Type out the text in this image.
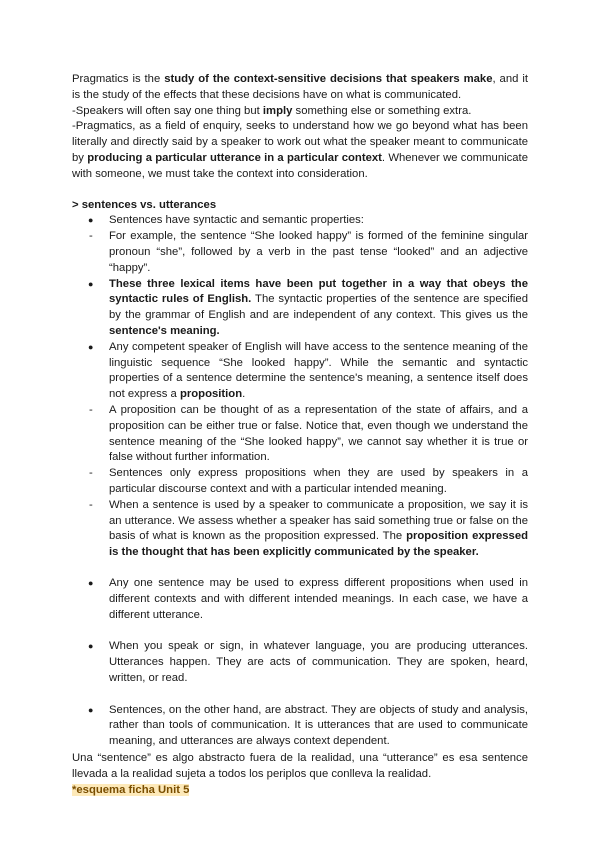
Pragmatics is the study of the context-sensitive decisions that speakers make, and it is the study of the effects that these decisions have on what is communicated.

-Speakers will often say one thing but imply something else or something extra.

-Pragmatics, as a field of enquiry, seeks to understand how we go beyond what has been literally and directly said by a speaker to work out what the speaker meant to communicate by producing a particular utterance in a particular context. Whenever we communicate with someone, we must take the context into consideration.

> sentences vs. utterances

●	Sentences have syntactic and semantic properties:
-	For example, the sentence “She looked happy” is formed of the feminine singular pronoun “she”, followed by a verb in the past tense “looked” and an adjective “happy”.
●	These three lexical items have been put together in a way that obeys the syntactic rules of English. The syntactic properties of the sentence are specified by the grammar of English and are independent of any context. This gives us the sentence's meaning.
●	Any competent speaker of English will have access to the sentence meaning of the linguistic sequence “She looked happy”. While the semantic and syntactic properties of a sentence determine the sentence's meaning, a sentence itself does not express a proposition.
-	A proposition can be thought of as a representation of the state of affairs, and a proposition can be either true or false. Notice that, even though we understand the sentence meaning of the “She looked happy”, we cannot say whether it is true or false without further information.
-	Sentences only express propositions when they are used by speakers in a particular discourse context and with a particular intended meaning.
-	When a sentence is used by a speaker to communicate a proposition, we say it is an utterance. We assess whether a speaker has said something true or false on the basis of what is known as the proposition expressed. The proposition expressed is the thought that has been explicitly communicated by the speaker.
●	Any one sentence may be used to express different propositions when used in different contexts and with different intended meanings. In each case, we have a different utterance.
●	When you speak or sign, in whatever language, you are producing utterances. Utterances happen. They are acts of communication. They are spoken, heard, written, or read.
●	Sentences, on the other hand, are abstract. They are objects of study and analysis, rather than tools of communication. It is utterances that are used to communicate meaning, and utterances are always context dependent.

Una “sentence” es algo abstracto fuera de la realidad, una “utterance” es esa sentence llevada a la realidad sujeta a todos los periplos que conlleva la realidad.

*esquema ficha Unit 5
